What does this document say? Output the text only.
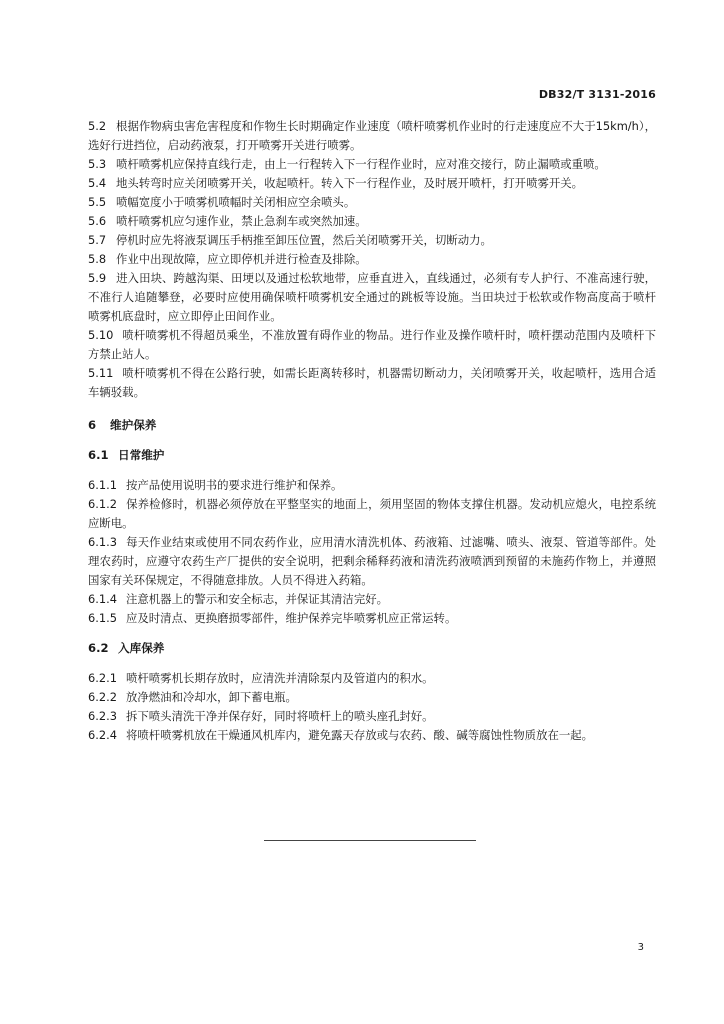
DB32/T 3131-2016

5.2 根据作物病虫害危害程度和作物生长时期确定作业速度（喷杆喷雾机作业时的行走速度应不大于15km/h），选好行进挡位，启动药液泵，打开喷雾开关进行喷雾。

5.3 喷杆喷雾机应保持直线行走，由上一行程转入下一行程作业时，应对准交接行，防止漏喷或重喷。

5.4 地头转弯时应关闭喷雾开关，收起喷杆。转入下一行程作业，及时展开喷杆，打开喷雾开关。

5.5 喷幅宽度小于喷雾机喷幅时关闭相应空余喷头。

5.6 喷杆喷雾机应匀速作业，禁止急刹车或突然加速。

5.7 停机时应先将液泵调压手柄推至卸压位置，然后关闭喷雾开关，切断动力。

5.8 作业中出现故障，应立即停机并进行检查及排除。

5.9 进入田块、跨越沟渠、田埂以及通过松软地带，应垂直进入，直线通过，必须有专人护行、不准高速行驶，不准行人追随攀登，必要时应使用确保喷杆喷雾机安全通过的跳板等设施。当田块过于松软或作物高度高于喷杆喷雾机底盘时，应立即停止田间作业。

5.10 喷杆喷雾机不得超员乘坐，不准放置有碍作业的物品。进行作业及操作喷杆时，喷杆摆动范围内及喷杆下方禁止站人。

5.11 喷杆喷雾机不得在公路行驶，如需长距离转移时，机器需切断动力，关闭喷雾开关，收起喷杆，选用合适车辆驳载。

6 维护保养

6.1 日常维护

6.1.1 按产品使用说明书的要求进行维护和保养。

6.1.2 保养检修时，机器必须停放在平整坚实的地面上，须用坚固的物体支撑住机器。发动机应熄火，电控系统应断电。

6.1.3 每天作业结束或使用不同农药作业，应用清水清洗机体、药液箱、过滤嘴、喷头、液泵、管道等部件。处理农药时，应遵守农药生产厂提供的安全说明，把剩余稀释药液和清洗药液喷洒到预留的未施药作物上，并遵照国家有关环保规定，不得随意排放。人员不得进入药箱。

6.1.4 注意机器上的警示和安全标志，并保证其清洁完好。

6.1.5 应及时清点、更换磨损零部件，维护保养完毕喷雾机应正常运转。

6.2 入库保养

6.2.1 喷杆喷雾机长期存放时，应清洗并清除泵内及管道内的积水。

6.2.2 放净燃油和冷却水，卸下蓄电瓶。

6.2.3 拆下喷头清洗干净并保存好，同时将喷杆上的喷头座孔封好。

6.2.4 将喷杆喷雾机放在干燥通风机库内，避免露天存放或与农药、酸、碱等腐蚀性物质放在一起。

3
